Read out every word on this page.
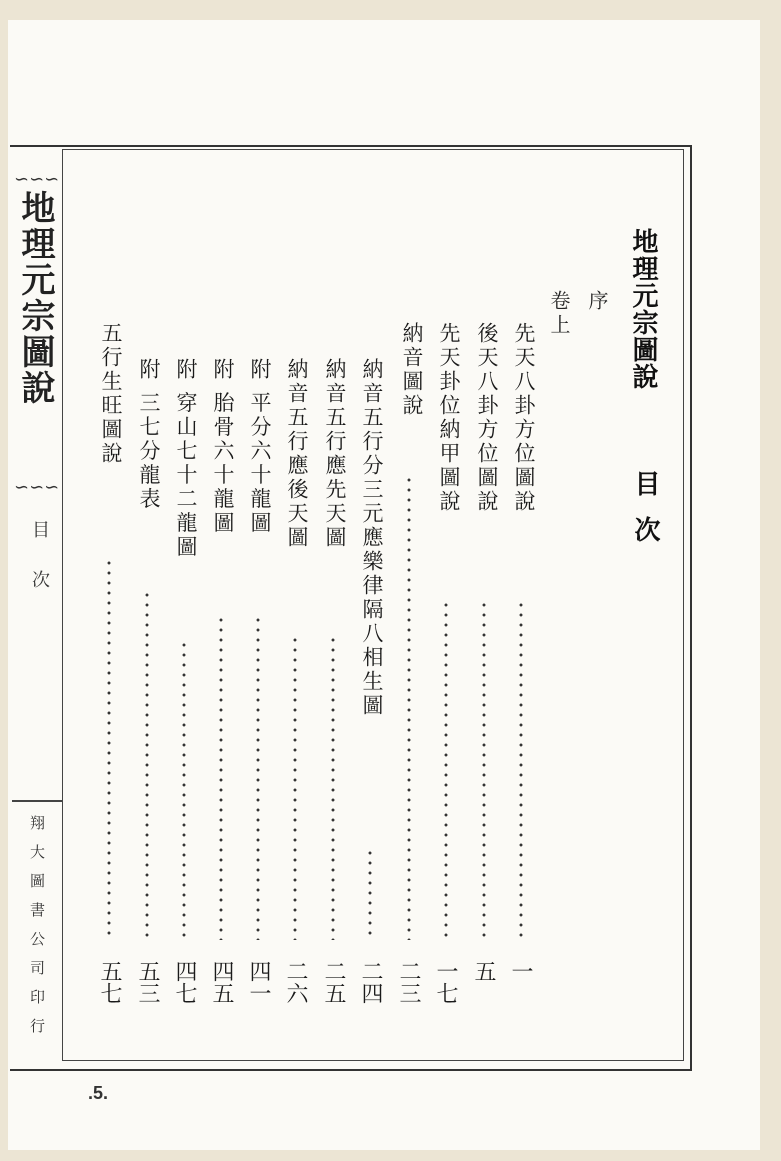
∽∽∽
地理元宗圖說
∽∽∽
目
次
翔大圖書公司印行
地理元宗圖說
目次
序
卷上
先天八卦方位圖說
一
後天八卦方位圖說
五
先天卦位納甲圖說
一七
納音圖說
二三
納音五行分三元應樂律隔八相生圖
二四
納音五行應先天圖
二五
納音五行應後天圖
二六
附 平分六十龍圖
四一
附 胎骨六十龍圖
四五
附 穿山七十二龍圖
四七
附 三七分龍表
五三
五行生旺圖說
五七
.5.
